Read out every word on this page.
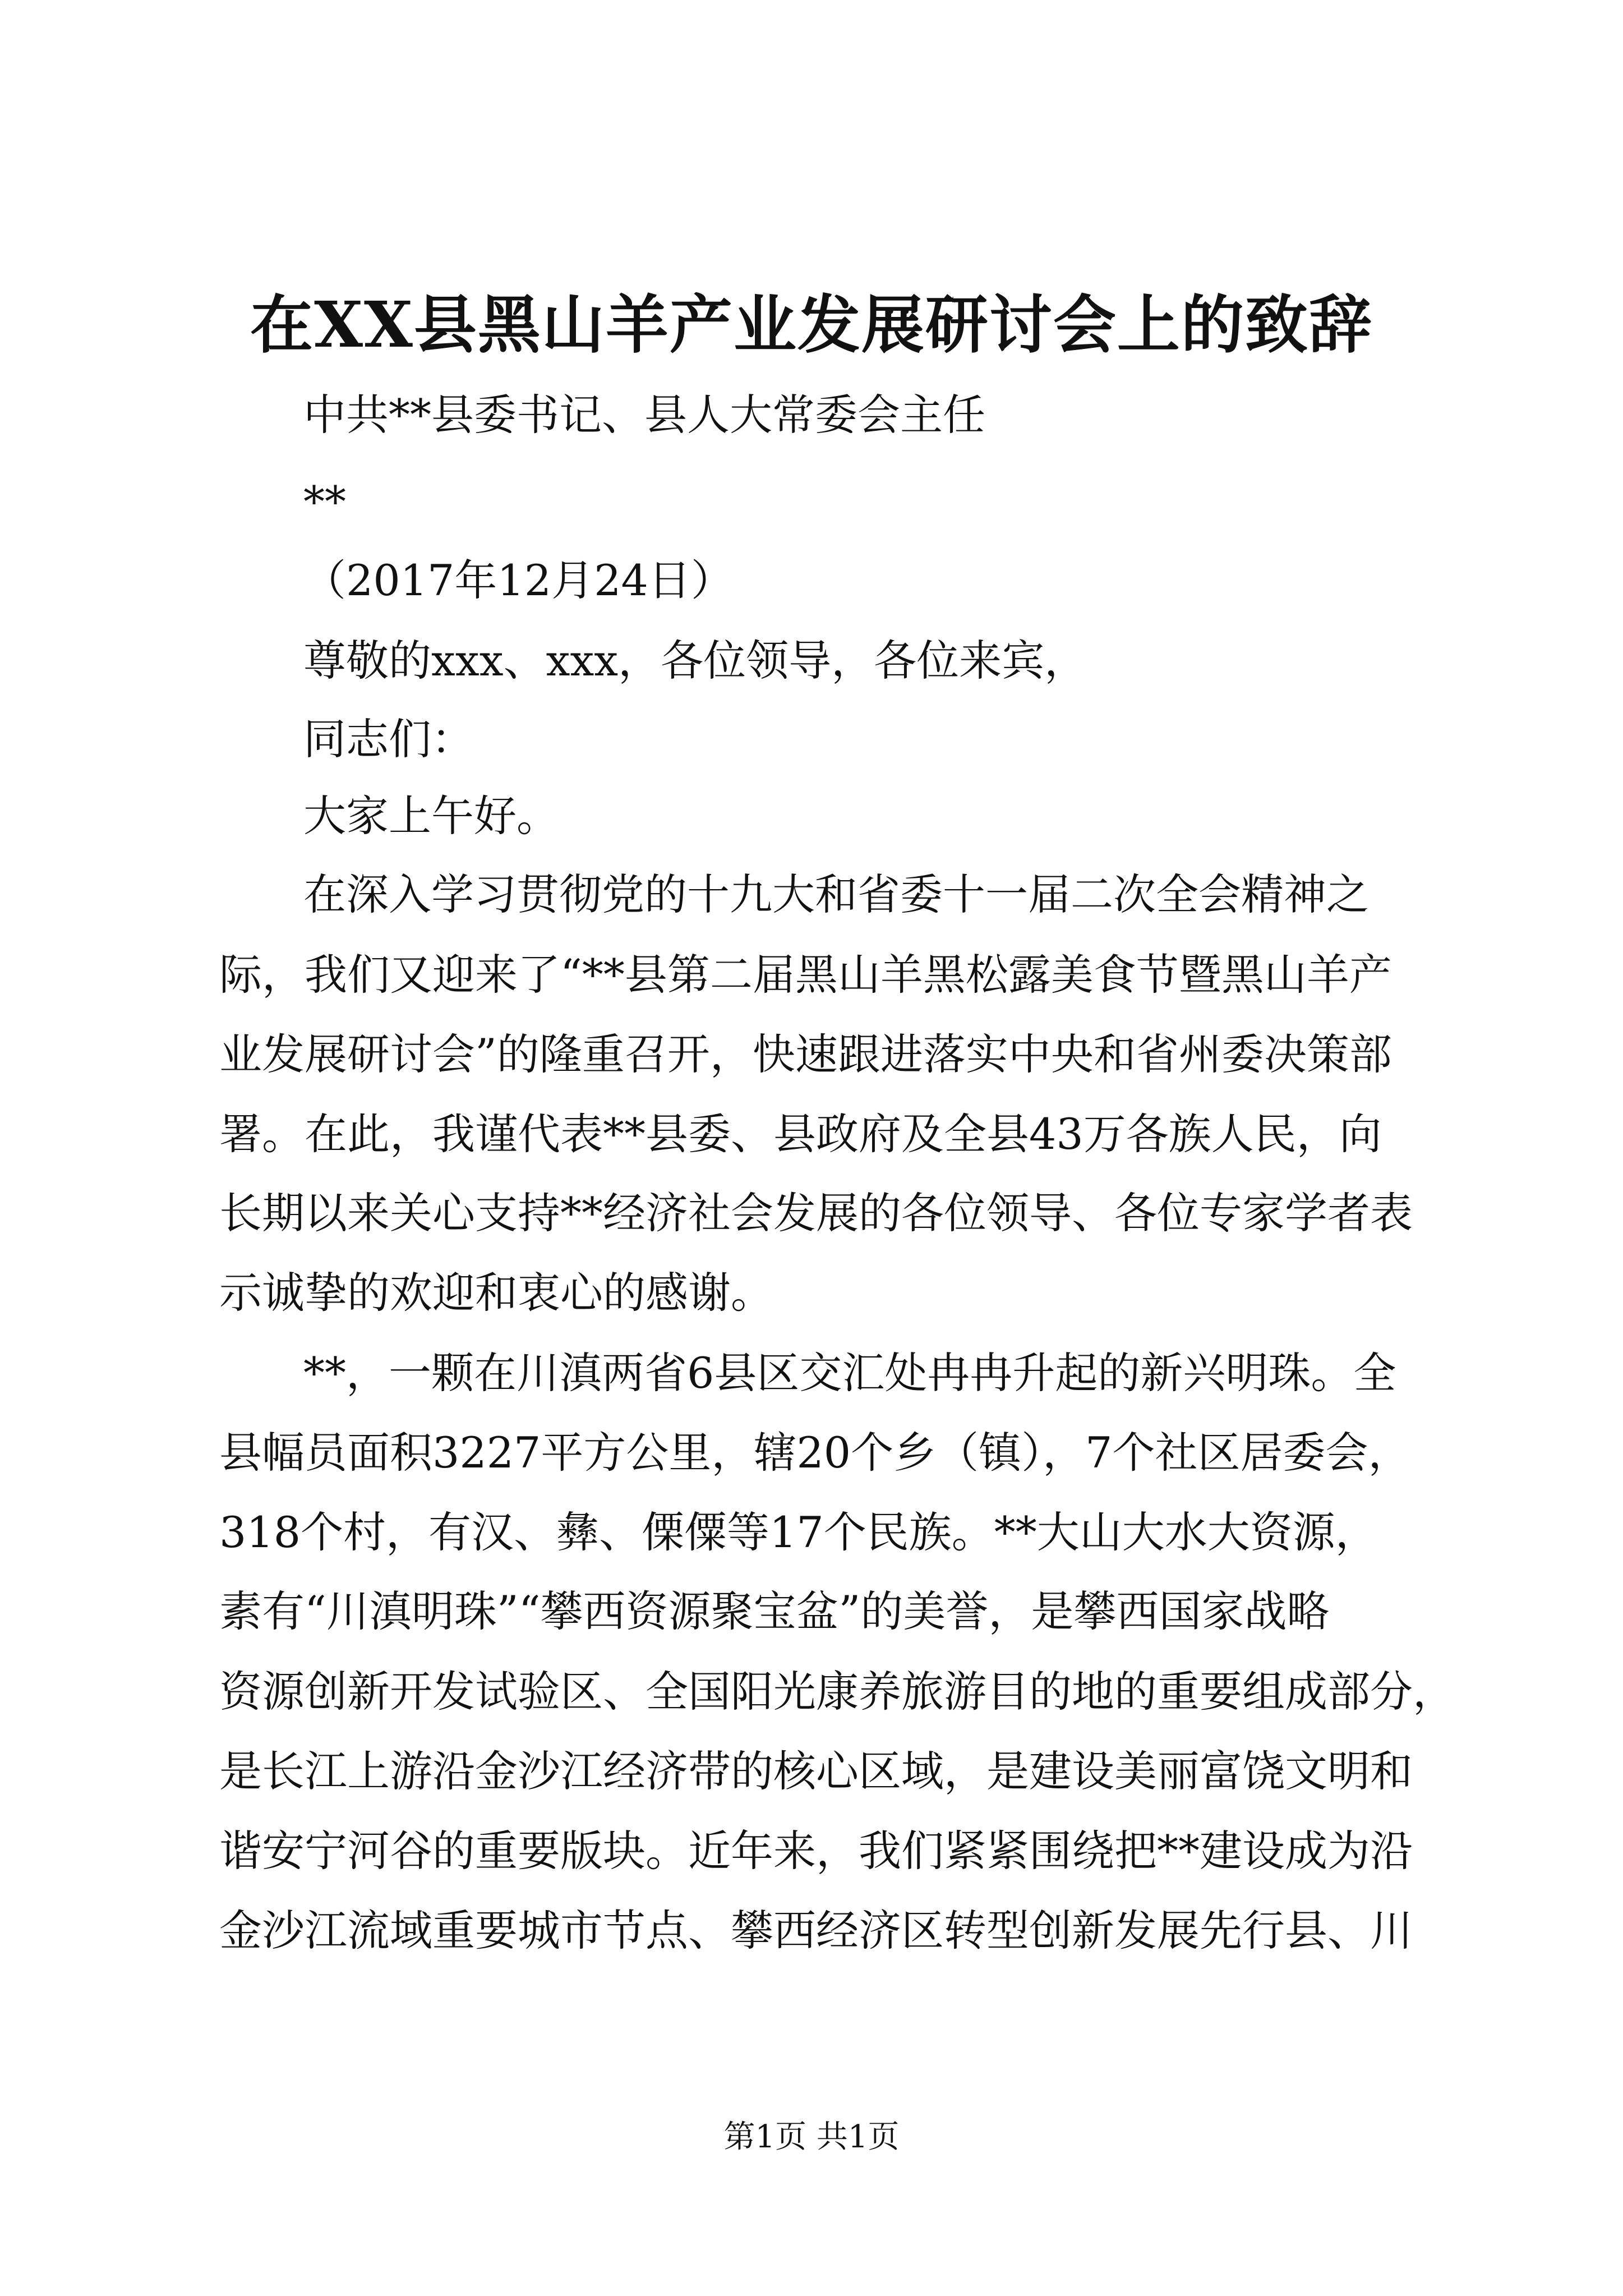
在XX县黑山羊产业发展研讨会上的致辞
中共**县委书记、县人大常委会主任
**
（2017年12月24日）
尊敬的xxx、xxx，各位领导，各位来宾，
同志们：
大家上午好。
在深入学习贯彻党的十九大和省委十一届二次全会精神之
际，我们又迎来了“**县第二届黑山羊黑松露美食节暨黑山羊产
业发展研讨会”的隆重召开，快速跟进落实中央和省州委决策部
署。在此，我谨代表**县委、县政府及全县43万各族人民，向
长期以来关心支持**经济社会发展的各位领导、各位专家学者表
示诚挚的欢迎和衷心的感谢。
**，一颗在川滇两省6县区交汇处冉冉升起的新兴明珠。全
县幅员面积3227平方公里，辖20个乡（镇），7个社区居委会，
318个村，有汉、彝、傈僳等17个民族。**大山大水大资源，
素有“川滇明珠”“攀西资源聚宝盆”的美誉，是攀西国家战略
资源创新开发试验区、全国阳光康养旅游目的地的重要组成部分，
是长江上游沿金沙江经济带的核心区域，是建设美丽富饶文明和
谐安宁河谷的重要版块。近年来，我们紧紧围绕把**建设成为沿
金沙江流域重要城市节点、攀西经济区转型创新发展先行县、川
第1页 共1页
